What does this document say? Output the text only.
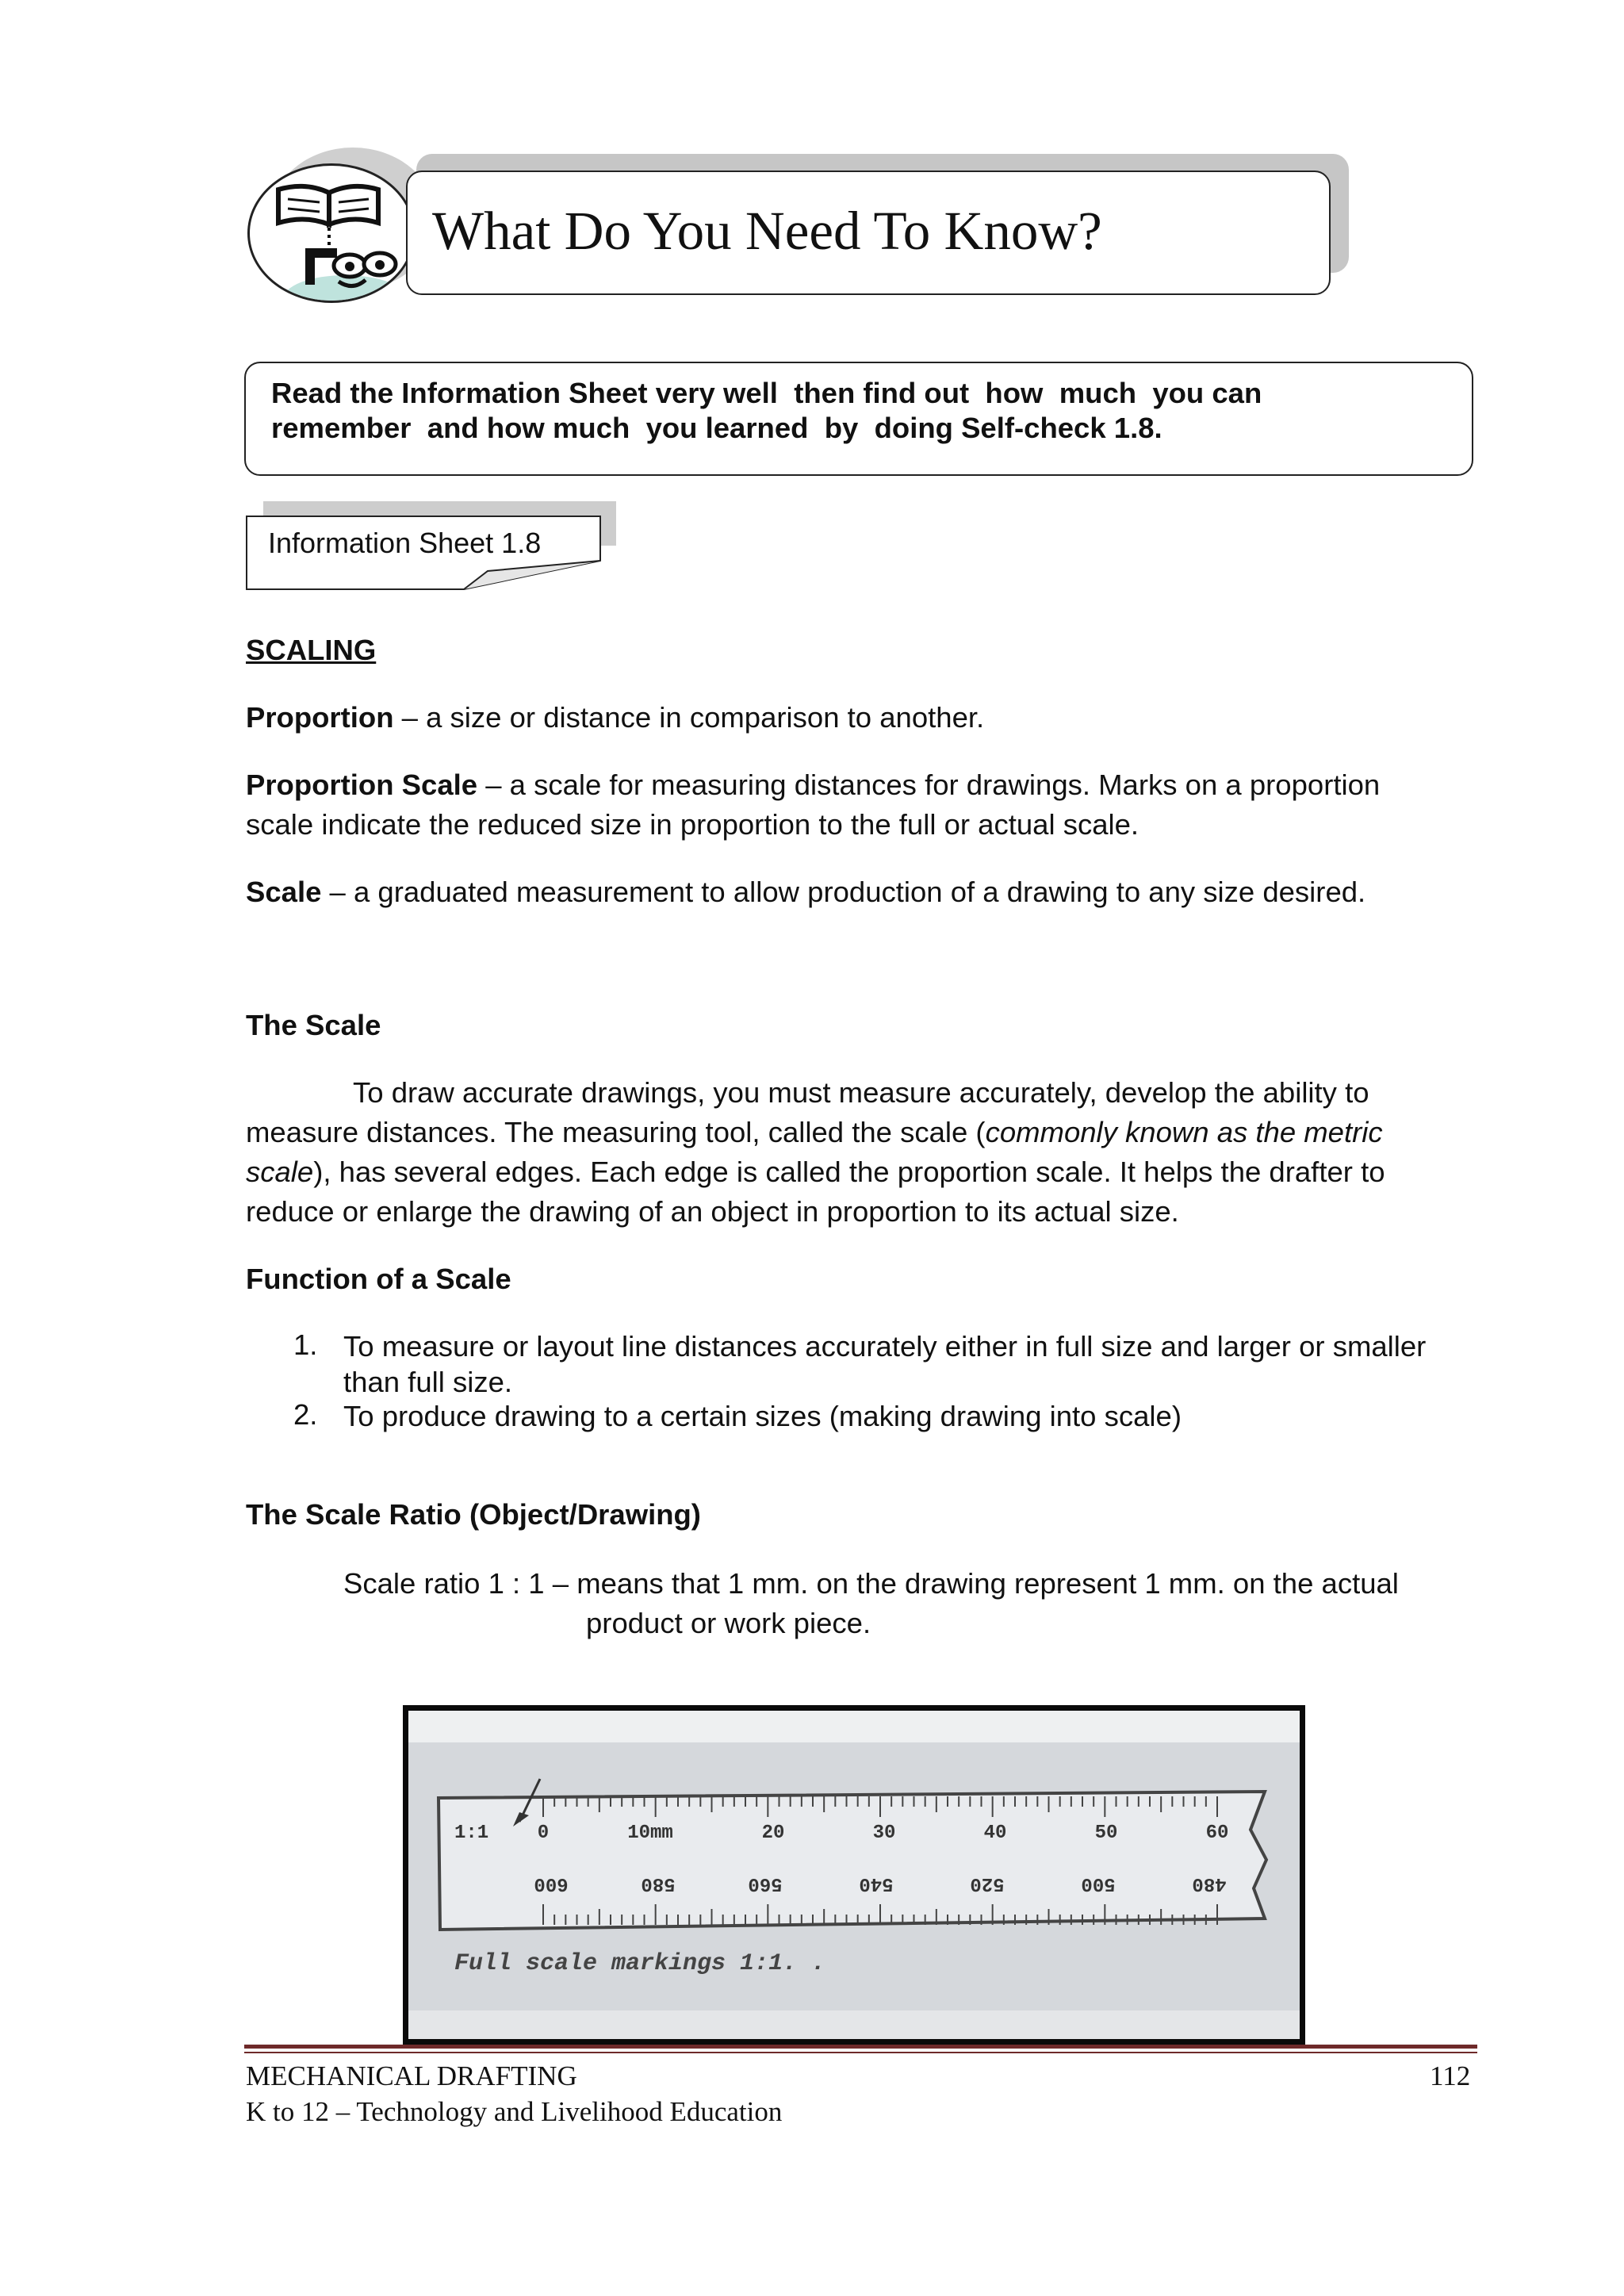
What Do You Need To Know?
Read the Information Sheet very well  then find out  how  much  you can
remember  and how much  you learned  by  doing Self-check 1.8.
Information Sheet 1.8
SCALING
Proportion – a size or distance in comparison to another.
Proportion Scale – a scale for measuring distances for drawings. Marks on a proportion
scale indicate the reduced size in proportion to the full or actual scale.
Scale – a graduated measurement to allow production of a drawing to any size desired.
The Scale
To draw accurate drawings, you must measure accurately, develop the ability to
measure distances. The measuring tool, called the scale (commonly known as the metric
scale), has several edges. Each edge is called the proportion scale. It helps the drafter to
reduce or enlarge the drawing of an object in proportion to its actual size.
Function of a Scale
1. To measure or layout line distances accurately either in full size and larger or smaller than full size.
2. To produce drawing to a certain sizes (making drawing into scale)
The Scale Ratio (Object/Drawing)
Scale ratio 1 : 1 – means that 1 mm. on the drawing represent 1 mm. on the actual
product or work piece.
1:1	0	10mm	20	30	40	50	60
600	580	560	540	520	500	480
Full scale markings 1:1. .
MECHANICAL DRAFTING
K to 12 – Technology and Livelihood Education
112
